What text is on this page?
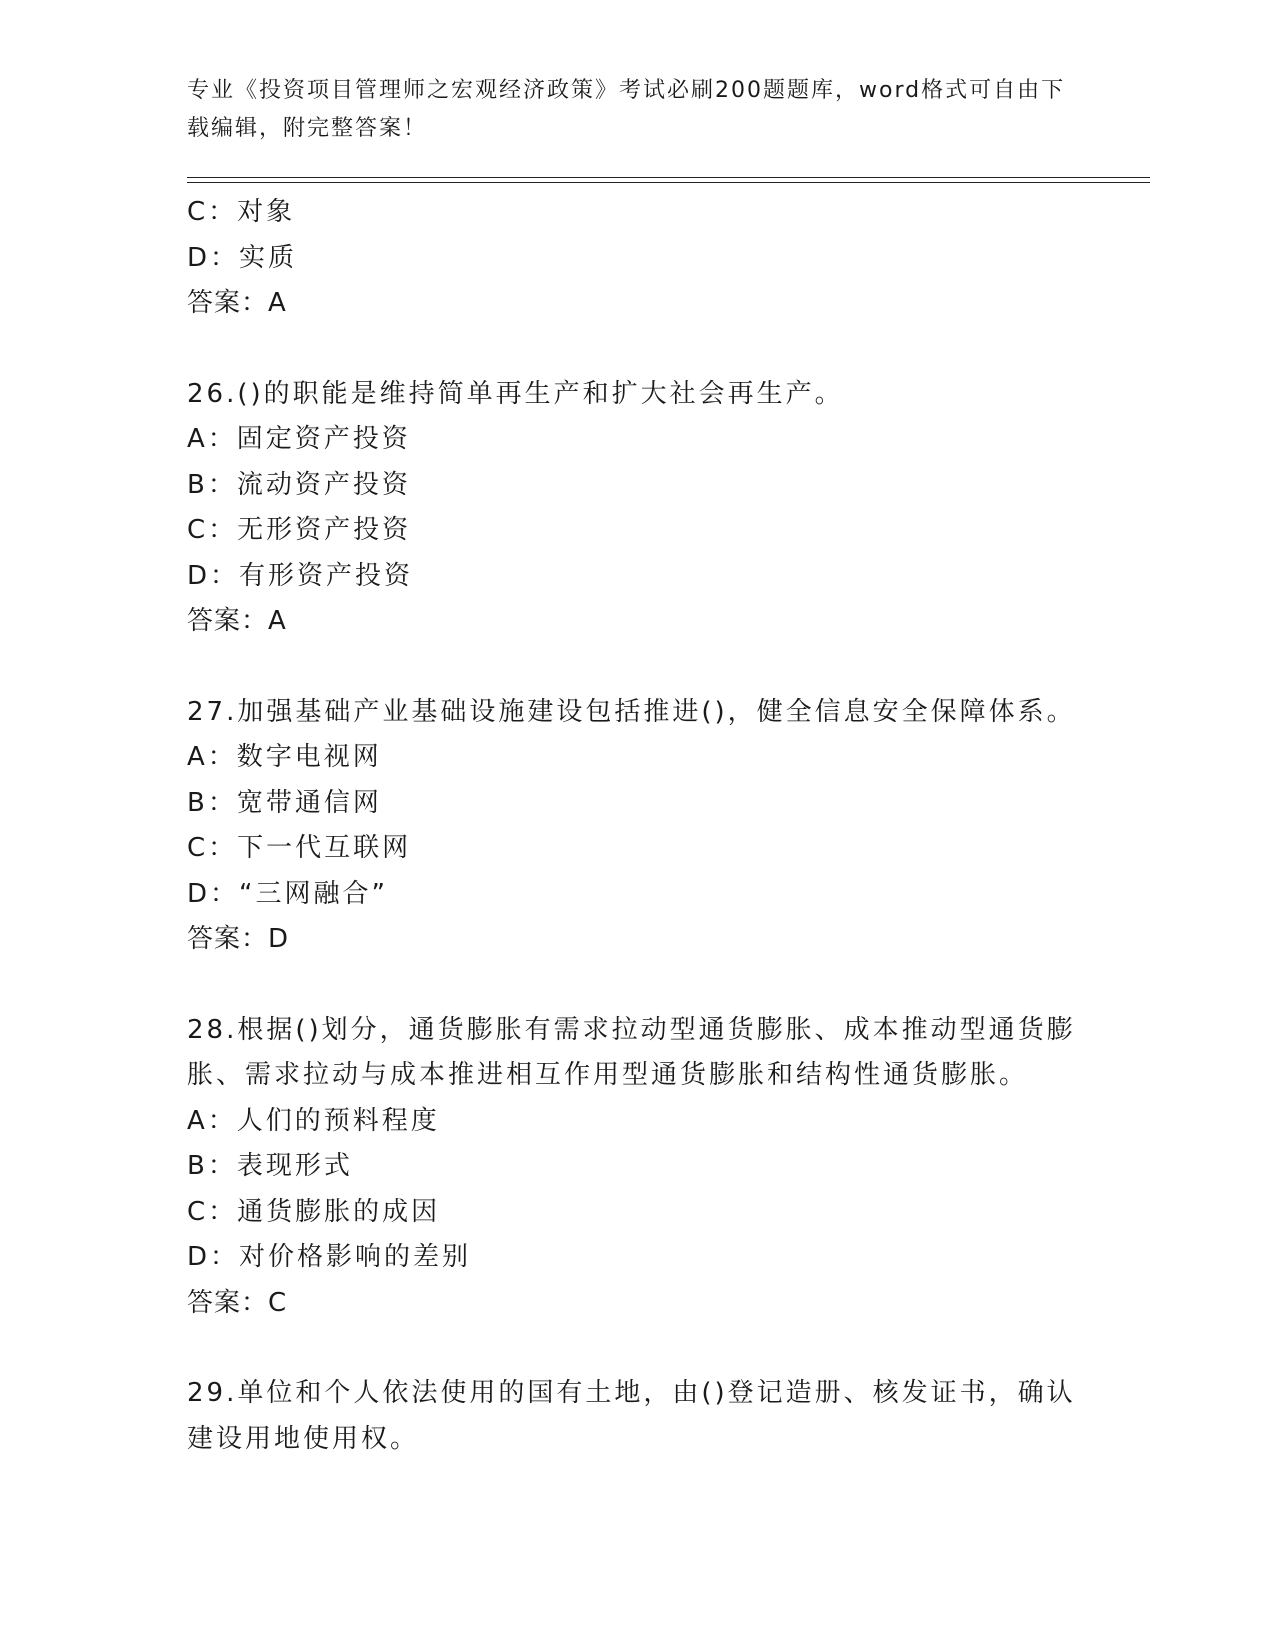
专业《投资项目管理师之宏观经济政策》考试必刷200题题库，word格式可自由下载编辑，附完整答案！
C：对象
D：实质
答案：A
26.()的职能是维持简单再生产和扩大社会再生产。
A：固定资产投资
B：流动资产投资
C：无形资产投资
D：有形资产投资
答案：A
27.加强基础产业基础设施建设包括推进()，健全信息安全保障体系。
A：数字电视网
B：宽带通信网
C：下一代互联网
D：“三网融合”
答案：D
28.根据()划分，通货膨胀有需求拉动型通货膨胀、成本推动型通货膨
胀、需求拉动与成本推进相互作用型通货膨胀和结构性通货膨胀。
A：人们的预料程度
B：表现形式
C：通货膨胀的成因
D：对价格影响的差别
答案：C
29.单位和个人依法使用的国有土地，由()登记造册、核发证书，确认
建设用地使用权。
